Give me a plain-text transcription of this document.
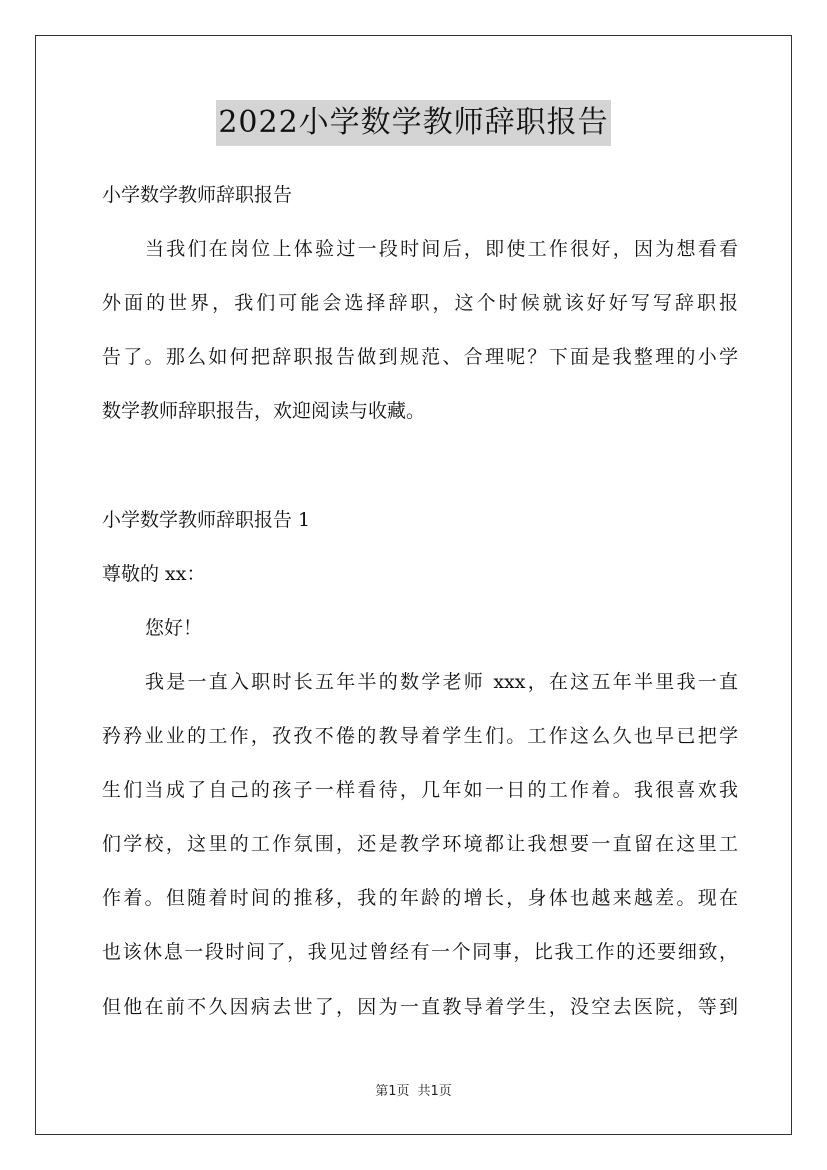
2022小学数学教师辞职报告
小学数学教师辞职报告
当我们在岗位上体验过一段时间后，即使工作很好，因为想看看
外面的世界，我们可能会选择辞职，这个时候就该好好写写辞职报
告了。那么如何把辞职报告做到规范、合理呢？下面是我整理的小学
数学教师辞职报告，欢迎阅读与收藏。
小学数学教师辞职报告 1
尊敬的 xx：
您好！
我是一直入职时长五年半的数学老师 xxx，在这五年半里我一直
矜矜业业的工作，孜孜不倦的教导着学生们。工作这么久也早已把学
生们当成了自己的孩子一样看待，几年如一日的工作着。我很喜欢我
们学校，这里的工作氛围，还是教学环境都让我想要一直留在这里工
作着。但随着时间的推移，我的年龄的增长，身体也越来越差。现在
也该休息一段时间了，我见过曾经有一个同事，比我工作的还要细致，
但他在前不久因病去世了，因为一直教导着学生，没空去医院，等到
第1页 共1页
